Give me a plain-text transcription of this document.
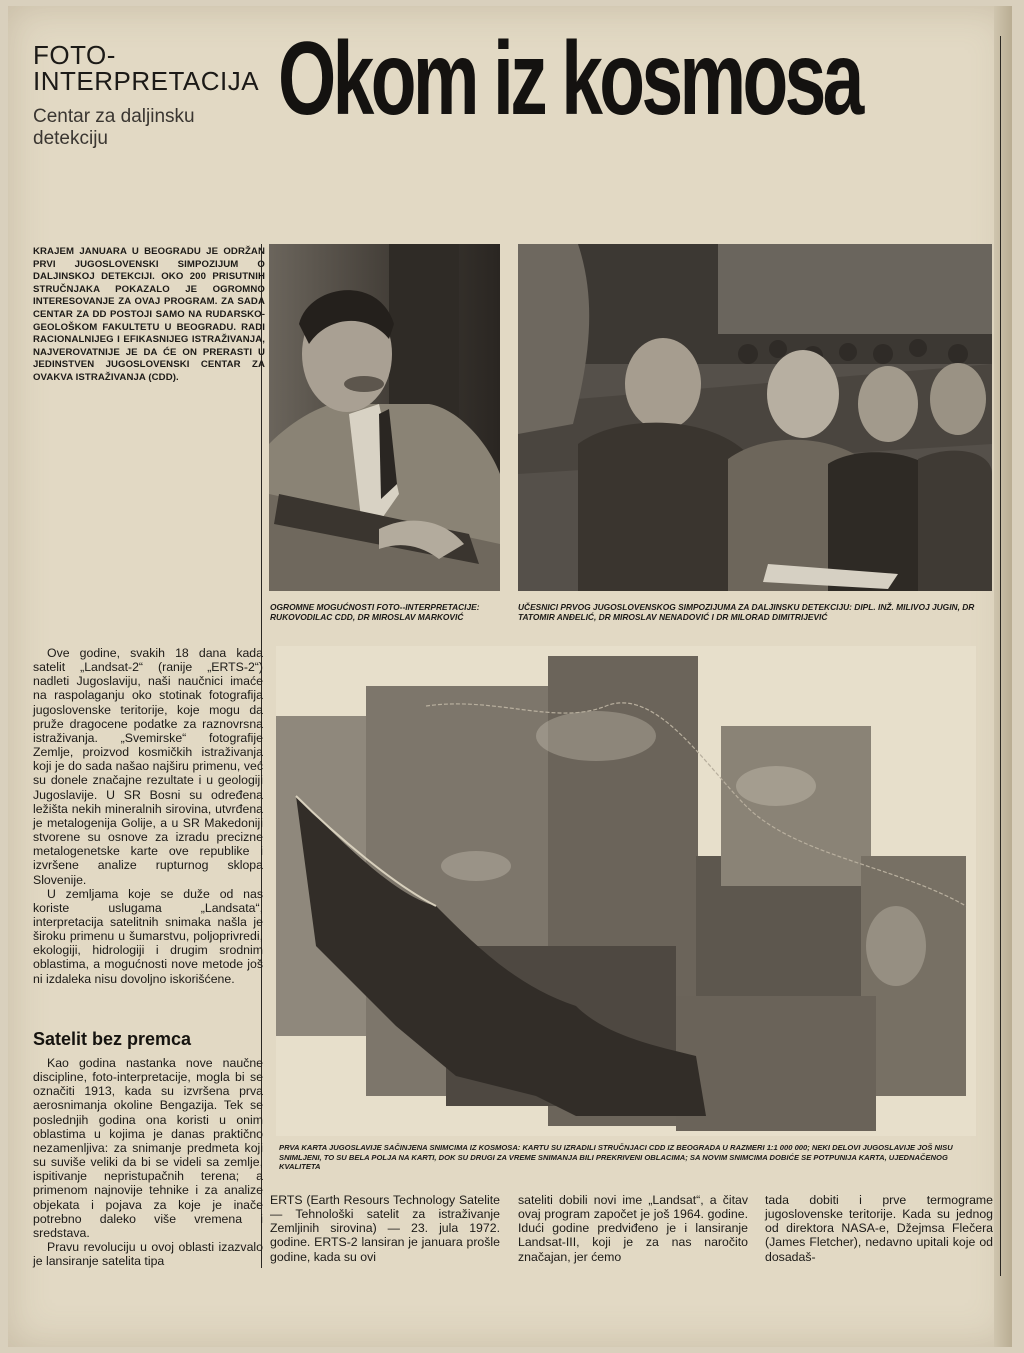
FOTO-
INTERPRETACIJA
Centar za daljinsku detekciju
Okom iz kosmosa
KRAJEM JANUARA U BEOGRADU JE ODRŽAN PRVI JUGOSLOVENSKI SIMPOZIJUM O DALJINSKOJ DETEKCIJI. OKO 200 PRISUTNIH STRUČNJAKA POKAZALO JE OGROMNO INTERESOVANJE ZA OVAJ PROGRAM. ZA SADA CENTAR ZA DD POSTOJI SAMO NA RUDARSKO-GEOLOŠKOM FAKULTETU U BEOGRADU. RADI RACIONALNIJEG I EFIKASNIJEG ISTRAŽIVANJA, NAJVEROVATNIJE JE DA ĆE ON PRERASTI U JEDINSTVEN JUGOSLOVENSKI CENTAR ZA OVAKVA ISTRAŽIVANJA (CDD).
OGROMNE MOGUĆNOSTI FOTO--INTERPRETACIJE: RUKOVODILAC CDD, DR MIROSLAV MARKOVIĆ
UČESNICI PRVOG JUGOSLOVENSKOG SIMPOZIJUMA ZA DALJINSKU DETEKCIJU: DIPL. INŽ. MILIVOJ JUGIN, DR TATOMIR ANĐELIĆ, DR MIROSLAV NENADOVIĆ I DR MILORAD DIMITRIJEVIĆ
PRVA KARTA JUGOSLAVIJE SAČINJENA SNIMCIMA IZ KOSMOSA: KARTU SU IZRADILI STRUČNJACI CDD IZ BEOGRADA U RAZMERI 1:1 000 000; NEKI DELOVI JUGOSLAVIJE JOŠ NISU SNIMLJENI, TO SU BELA POLJA NA KARTI, DOK SU DRUGI ZA VREME SNIMANJA BILI PREKRIVENI OBLACIMA; SA NOVIM SNIMCIMA DOBIĆE SE POTPUNIJA KARTA, UJEDNAČENOG KVALITETA

Ove godine, svakih 18 dana kada satelit „Landsat-2“ (ranije „ERTS-2“) nadleti Jugoslaviju, naši naučnici imaće na raspolaganju oko stotinak fotografija jugoslovenske teritorije, koje mogu da pruže dragocene podatke za raznovrsna istraživanja. „Svemirske“ fotografije Zemlje, proizvod kosmičkih istraživanja koji je do sada našao najširu primenu, već su donele značajne rezultate i u geologiji Jugoslavije. U SR Bosni su određena ležišta nekih mineralnih sirovina, utvrđena je metalogenija Golije, a u SR Makedoniji stvorene su osnove za izradu precizne metalogenetske karte ove republike i izvršene analize rupturnog sklopa Slovenije.

U zemljama koje se duže od nas koriste uslugama „Landsata“, interpretacija satelitnih snimaka našla je široku primenu u šumarstvu, poljoprivredi, ekologiji, hidrologiji i drugim srodnim oblastima, a mogućnosti nove metode još ni izdaleka nisu dovoljno iskorišćene.

Satelit bez premca

Kao godina nastanka nove naučne discipline, foto-interpretacije, mogla bi se označiti 1913, kada su izvršena prva aerosnimanja okoline Bengazija. Tek se poslednjih godina ona koristi u onim oblastima u kojima je danas praktično nezamenljiva: za snimanje predmeta koji su suviše veliki da bi se videli sa zemlje, ispitivanje nepristupačnih terena; a primenom najnovije tehnike i za analize objekata i pojava za koje je inače potrebno daleko više vremena i sredstava.

Pravu revoluciju u ovoj oblasti izazvalo je lansiranje satelita tipa

ERTS (Earth Resours Technology Satelite — Tehnološki satelit za istraživanje Zemljinih sirovina) — 23. jula 1972. godine. ERTS-2 lansiran je januara prošle godine, kada su ovi

sateliti dobili novi ime „Landsat“, a čitav ovaj program započet je još 1964. godine. Idući godine predviđeno je i lansiranje Landsat-III, koji je za nas naročito značajan, jer ćemo

tada dobiti i prve termograme jugoslovenske teritorije. Kada su jednog od direktora NASA-e, Džejmsa Flečera (James Fletcher), nedavno upitali koje od dosadaš-
